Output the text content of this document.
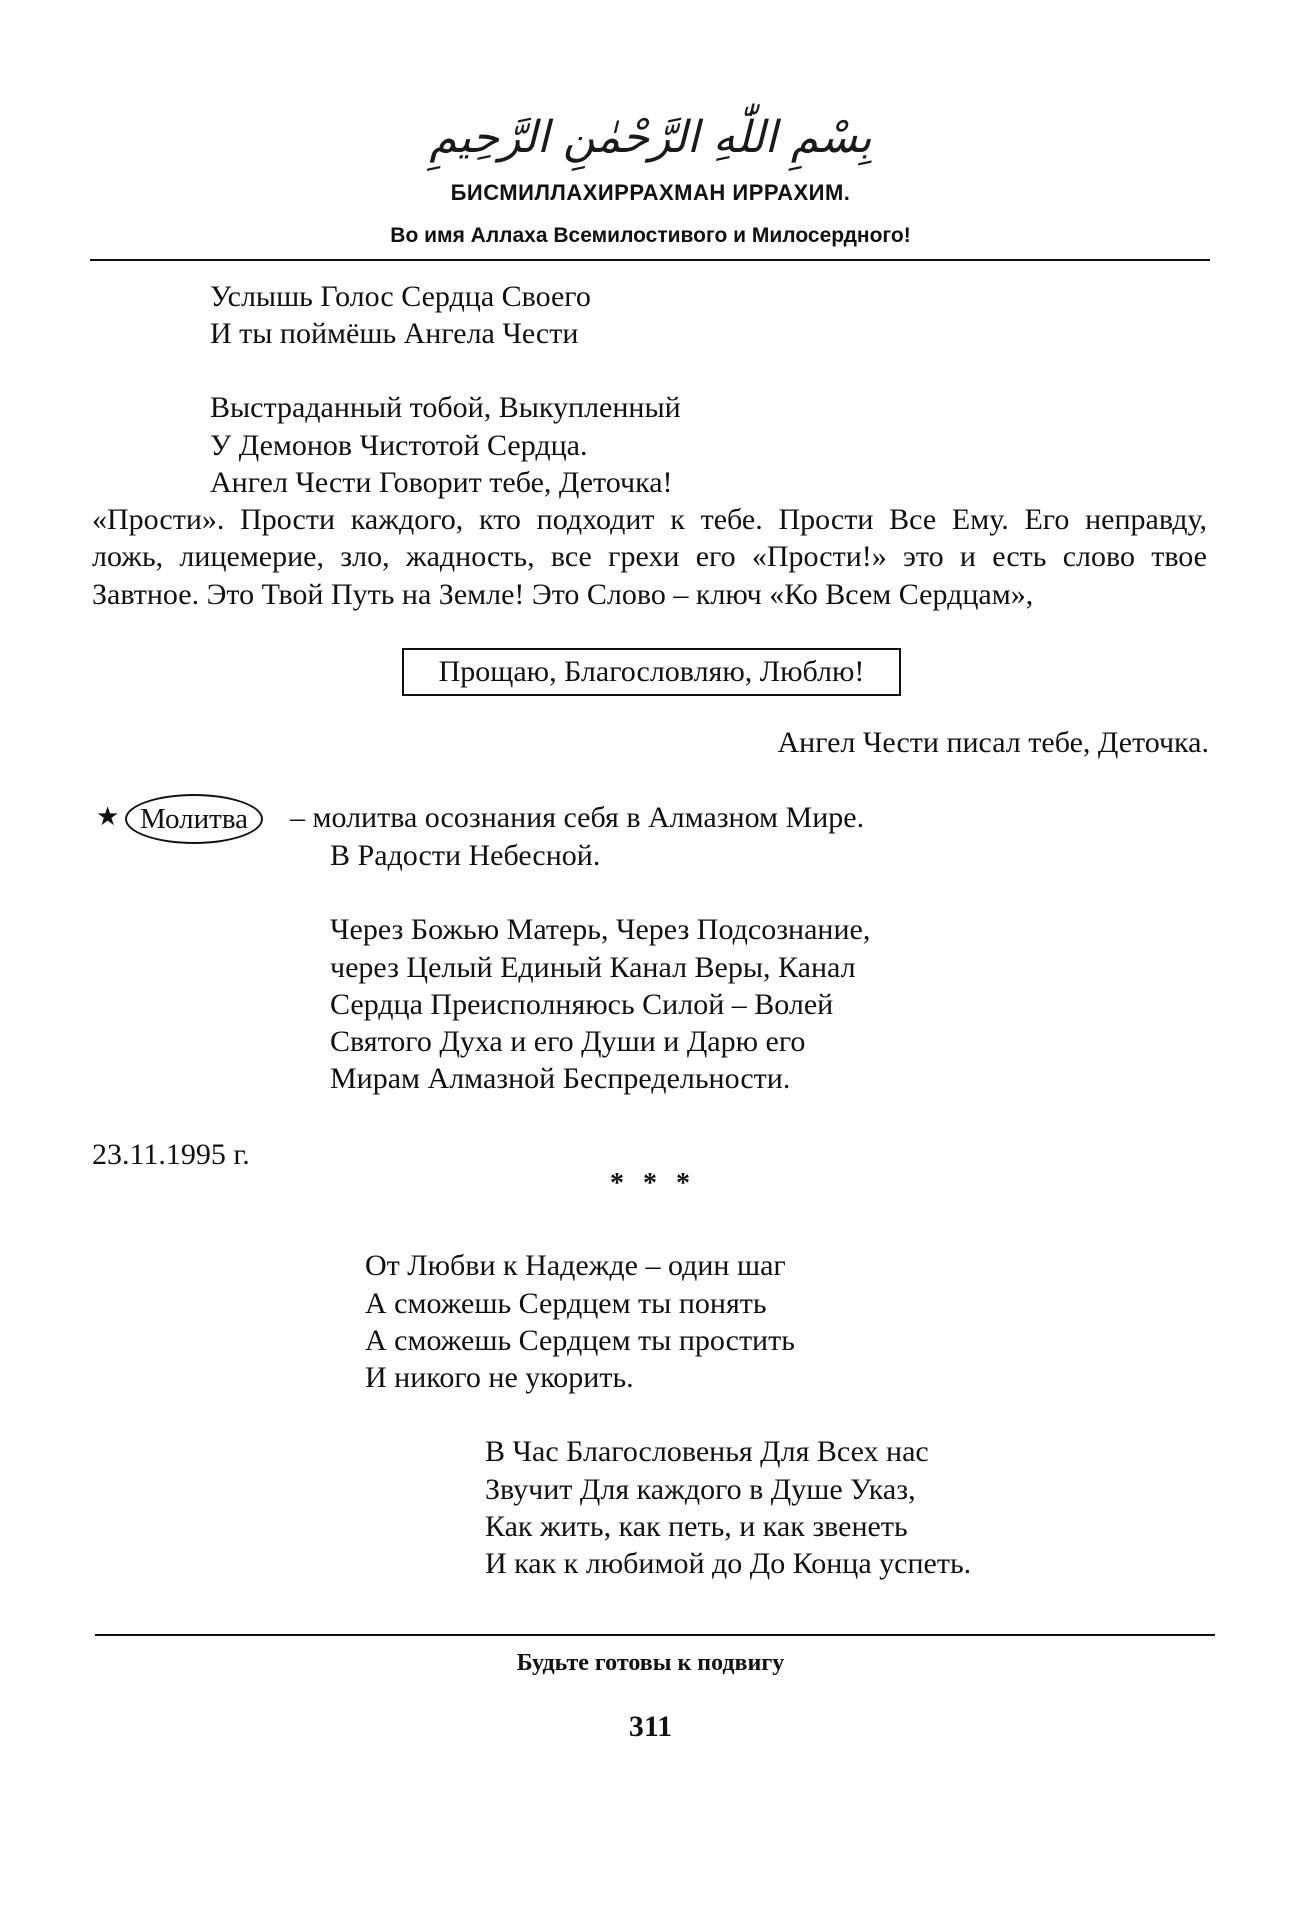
بِسْمِ اللّٰهِ الرَّحْمٰنِ الرَّحِيمِ
БИСМИЛЛАХИРРАХМАН ИРРАХИМ.
Во имя Аллаха Всемилостивого и Милосердного!
Услышь Голос Сердца Своего
И ты поймёшь Ангела Чести
Выстраданный тобой, Выкупленный
У Демонов Чистотой Сердца.
Ангел Чести Говорит тебе, Деточка!
«Прости». Прости каждого, кто подходит к тебе. Прости Все Ему. Его неправду,
ложь, лицемерие, зло, жадность, все грехи его «Прости!» это и есть слово твое
Завтное. Это Твой Путь на Земле! Это Слово – ключ «Ко Всем Сердцам»,
Прощаю, Благословляю, Люблю!
Ангел Чести писал тебе, Деточка.
★ Молитва	– молитва осознания себя в Алмазном Мире.
В Радости Небесной.
Через Божью Матерь, Через Подсознание,
через Целый Единый Канал Веры, Канал
Сердца Преисполняюсь Силой – Волей
Святого Духа и его Души и Дарю его
Мирам Алмазной Беспредельности.
23.11.1995 г.
* * *
От Любви к Надежде – один шаг
А сможешь Сердцем ты понять
А сможешь Сердцем ты простить
И никого не укорить.
В Час Благословенья Для Всех нас
Звучит Для каждого в Душе Указ,
Как жить, как петь, и как звенеть
И как к любимой до До Конца успеть.
Будьте готовы к подвигу
311
